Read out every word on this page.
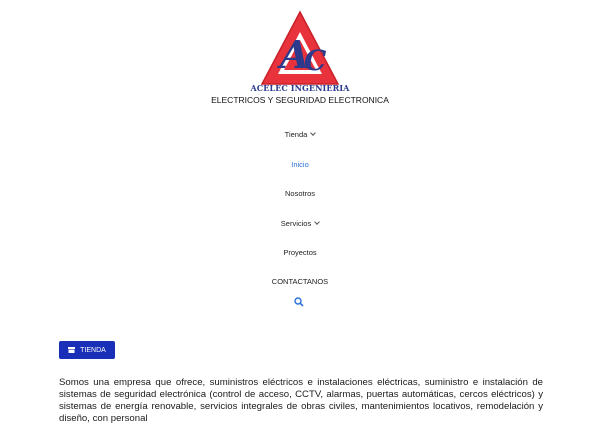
A
C
ACELEC INGENIERIA
ELECTRICOS Y SEGURIDAD ELECTRONICA
Tienda
Inicio
Nosotros
Servicios
Proyectos
CONTACTANOS
TIENDA

Somos una empresa que ofrece, suministros eléctricos e instalaciones eléctricas, suministro e instalación de sistemas de seguridad electrónica (control de acceso, CCTV, alarmas, puertas automáticas, cercos eléctricos) y sistemas de energía renovable, servicios integrales de obras civiles, mantenimientos locativos, remodelación y diseño, con personal
